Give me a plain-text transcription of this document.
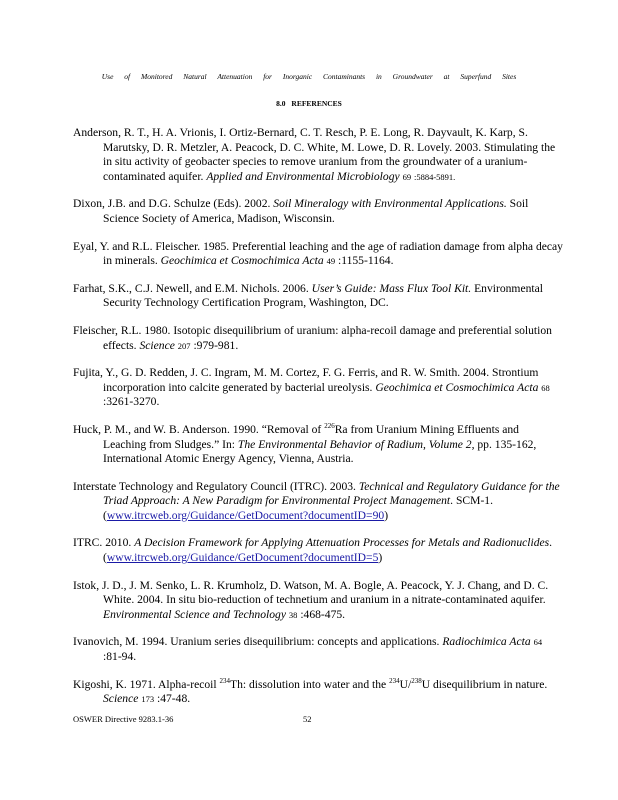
Use of Monitored Natural Attenuation for Inorganic Contaminants in Groundwater at Superfund Sites
8.0 REFERENCES

Anderson, R. T., H. A. Vrionis, I. Ortiz-Bernard, C. T. Resch, P. E. Long, R. Dayvault, K. Karp, S. Marutsky, D. R. Metzler, A. Peacock, D. C. White, M. Lowe, D. R. Lovely. 2003. Stimulating the in situ activity of geobacter species to remove uranium from the groundwater of a uranium-contaminated aquifer. Applied and Environmental Microbiology 69 :5884-5891.

Dixon, J.B. and D.G. Schulze (Eds). 2002. Soil Mineralogy with Environmental Applications. Soil Science Society of America, Madison, Wisconsin.

Eyal, Y. and R.L. Fleischer. 1985. Preferential leaching and the age of radiation damage from alpha decay in minerals. Geochimica et Cosmochimica Acta 49 :1155-1164.

Farhat, S.K., C.J. Newell, and E.M. Nichols. 2006. User’s Guide: Mass Flux Tool Kit. Environmental Security Technology Certification Program, Washington, DC.

Fleischer, R.L. 1980. Isotopic disequilibrium of uranium: alpha-recoil damage and preferential solution effects. Science 207 :979-981.

Fujita, Y., G. D. Redden, J. C. Ingram, M. M. Cortez, F. G. Ferris, and R. W. Smith. 2004. Strontium incorporation into calcite generated by bacterial ureolysis. Geochimica et Cosmochimica Acta 68 :3261-3270.

Huck, P. M., and W. B. Anderson. 1990. “Removal of $^{226}$Ra from Uranium Mining Effluents and Leaching from Sludges.” In: The Environmental Behavior of Radium, Volume 2, pp. 135-162, International Atomic Energy Agency, Vienna, Austria.

Interstate Technology and Regulatory Council (ITRC). 2003. Technical and Regulatory Guidance for the Triad Approach: A New Paradigm for Environmental Project Management. SCM-1. (www.itrcweb.org/Guidance/GetDocument?documentID=90)

ITRC. 2010. A Decision Framework for Applying Attenuation Processes for Metals and Radionuclides. (www.itrcweb.org/Guidance/GetDocument?documentID=5)

Istok, J. D., J. M. Senko, L. R. Krumholz, D. Watson, M. A. Bogle, A. Peacock, Y. J. Chang, and D. C. White. 2004. In situ bio-reduction of technetium and uranium in a nitrate-contaminated aquifer. Environmental Science and Technology 38 :468-475.

Ivanovich, M. 1994. Uranium series disequilibrium: concepts and applications. Radiochimica Acta 64 :81-94.

Kigoshi, K. 1971. Alpha-recoil $^{234}$Th: dissolution into water and the $^{234}$U/$^{238}$U disequilibrium in nature. Science 173 :47-48.

OSWER Directive 9283.1-36	52
